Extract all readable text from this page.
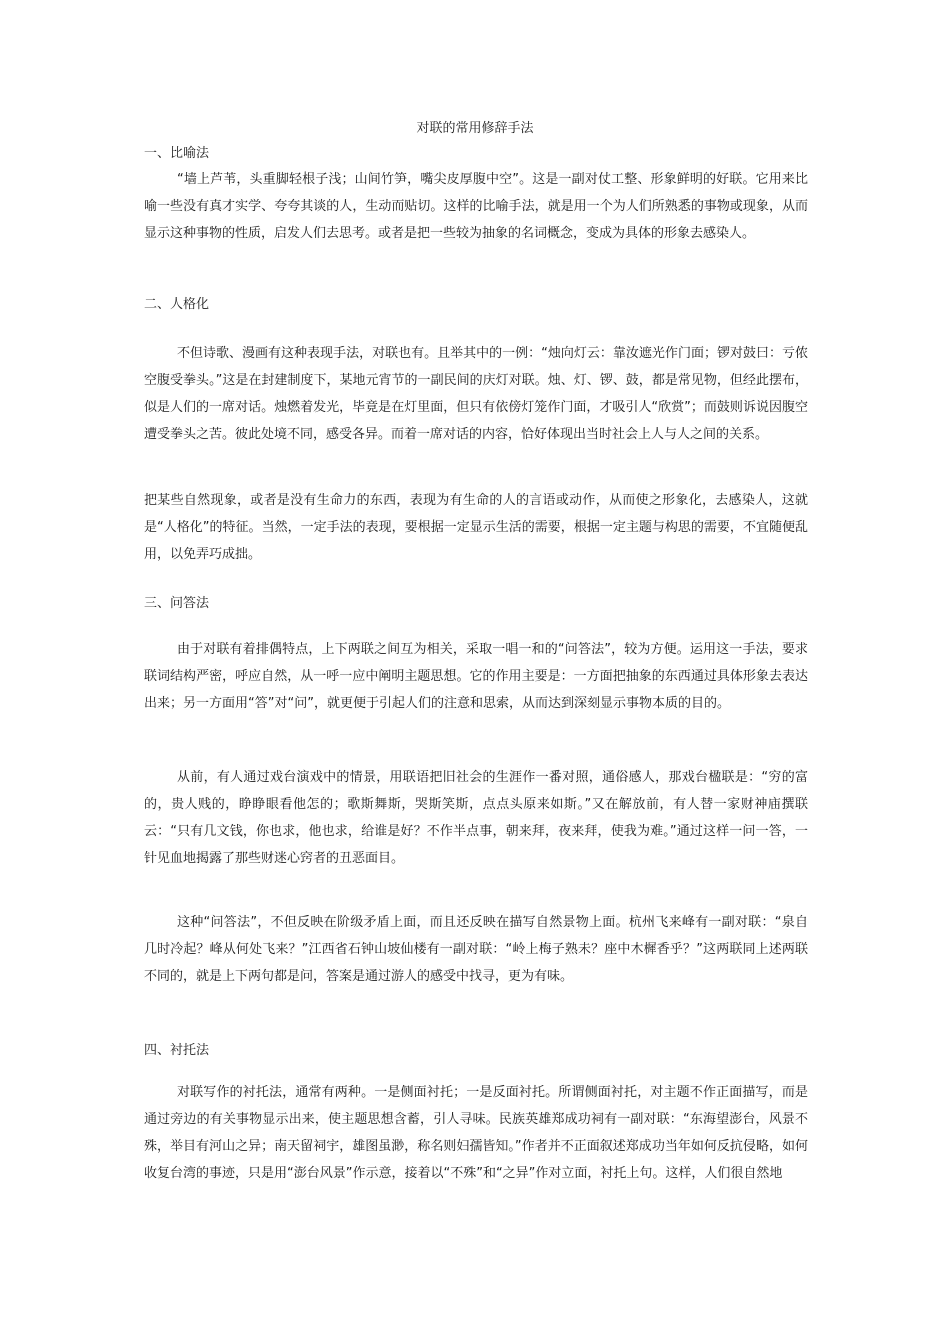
对联的常用修辞手法
一、比喻法

“墙上芦苇，头重脚轻根子浅；山间竹笋，嘴尖皮厚腹中空”。这是一副对仗工整、形象鲜明的好联。它用来比喻一些没有真才实学、夸夸其谈的人，生动而贴切。这样的比喻手法，就是用一个为人们所熟悉的事物或现象，从而显示这种事物的性质，启发人们去思考。或者是把一些较为抽象的名词概念，变成为具体的形象去感染人。

二、人格化

不但诗歌、漫画有这种表现手法，对联也有。且举其中的一例：“烛向灯云：靠汝遮光作门面；锣对鼓曰：亏侬空腹受拳头。”这是在封建制度下，某地元宵节的一副民间的庆灯对联。烛、灯、锣、鼓，都是常见物，但经此摆布，似是人们的一席对话。烛燃着发光，毕竟是在灯里面，但只有依傍灯笼作门面，才吸引人“欣赏”；而鼓则诉说因腹空遭受拳头之苦。彼此处境不同，感受各异。而着一席对话的内容，恰好体现出当时社会上人与人之间的关系。

把某些自然现象，或者是没有生命力的东西，表现为有生命的人的言语或动作，从而使之形象化，去感染人，这就是“人格化”的特征。当然，一定手法的表现，要根据一定显示生活的需要，根据一定主题与构思的需要，不宜随便乱用，以免弄巧成拙。

三、问答法

由于对联有着排偶特点，上下两联之间互为相关，采取一唱一和的“问答法”，较为方便。运用这一手法，要求联词结构严密，呼应自然，从一呼一应中阐明主题思想。它的作用主要是：一方面把抽象的东西通过具体形象去表达出来；另一方面用“答”对“问”，就更便于引起人们的注意和思索，从而达到深刻显示事物本质的目的。

从前，有人通过戏台演戏中的情景，用联语把旧社会的生涯作一番对照，通俗感人，那戏台楹联是：“穷的富的，贵人贱的，睁睁眼看他怎的；歌斯舞斯，哭斯笑斯，点点头原来如斯。”又在解放前，有人替一家财神庙撰联云：“只有几文钱，你也求，他也求，给谁是好？不作半点事，朝来拜，夜来拜，使我为难。”通过这样一问一答，一针见血地揭露了那些财迷心窍者的丑恶面目。

这种“问答法”，不但反映在阶级矛盾上面，而且还反映在描写自然景物上面。杭州飞来峰有一副对联：“泉自几时冷起？峰从何处飞来？”江西省石钟山坡仙楼有一副对联：“岭上梅子熟未？座中木樨香乎？”这两联同上述两联不同的，就是上下两句都是问，答案是通过游人的感受中找寻，更为有味。

四、衬托法

对联写作的衬托法，通常有两种。一是侧面衬托；一是反面衬托。所谓侧面衬托，对主题不作正面描写，而是通过旁边的有关事物显示出来，使主题思想含蓄，引人寻味。民族英雄郑成功祠有一副对联：“东海望澎台，风景不殊，举目有河山之异；南天留祠宇，雄图虽渺，称名则妇孺皆知。”作者并不正面叙述郑成功当年如何反抗侵略，如何收复台湾的事迹，只是用“澎台风景”作示意，接着以“不殊”和“之异”作对立面，衬托上句。这样，人们很自然地
